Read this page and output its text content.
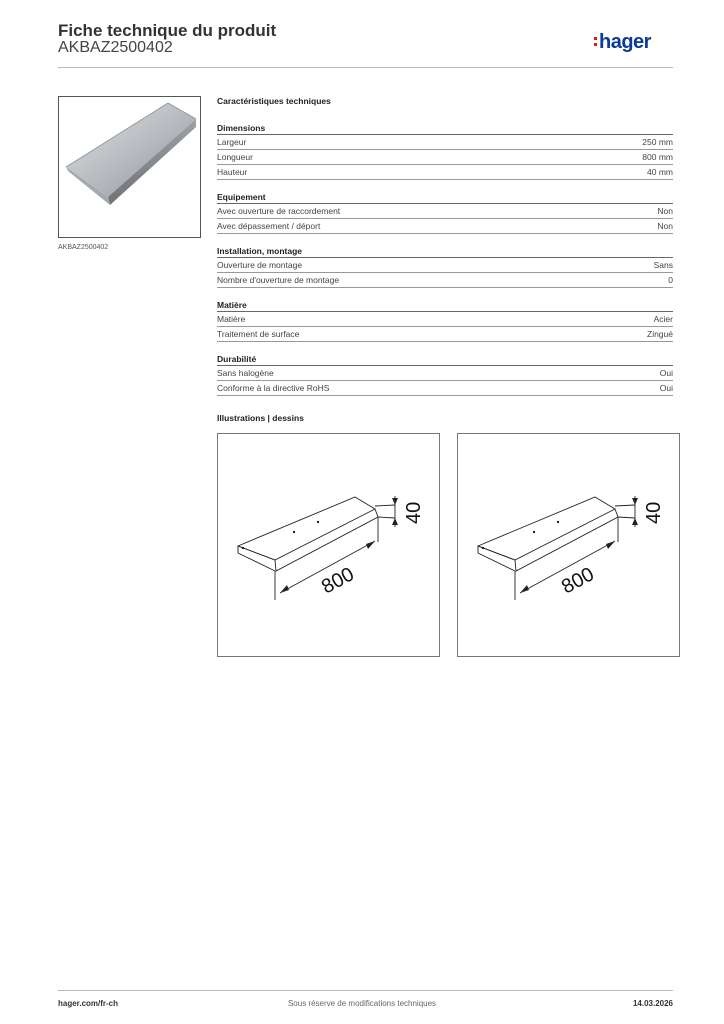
Fiche technique du produit
AKBAZ2500402	hager
AKBAZ2500402
Caractéristiques techniques
Dimensions
Largeur	250 mm
Longueur	800 mm
Hauteur	40 mm
Equipement
Avec ouverture de raccordement	Non
Avec dépassement / déport	Non
Installation, montage
Ouverture de montage	Sans
Nombre d'ouverture de montage	0
Matière
Matière	Acier
Traitement de surface	Zingué
Durabilité
Sans halogène	Oui
Conforme à la directive RoHS	Oui
Illustrations | dessins
800
40
800
40
hager.com/fr-ch	Sous réserve de modifications techniques	14.03.2026
